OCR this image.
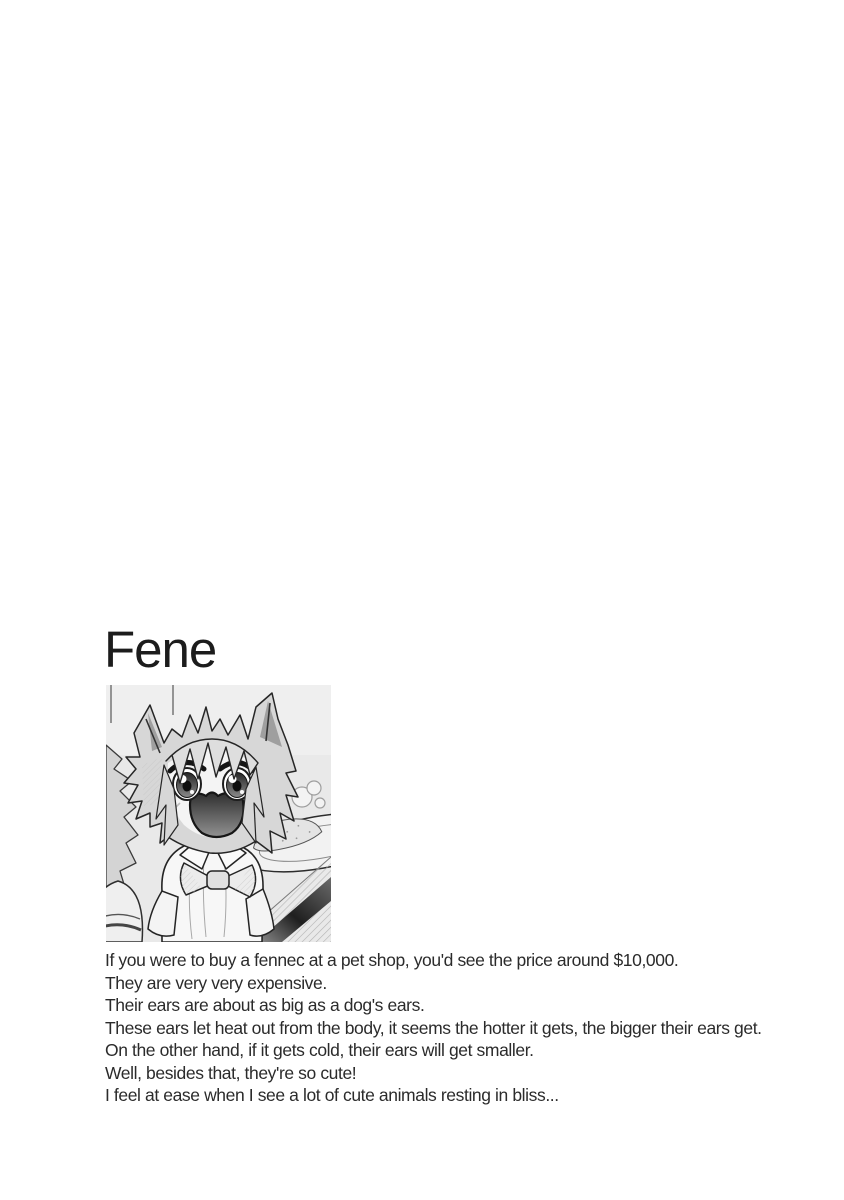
Fene
If you were to buy a fennec at a pet shop, you'd see the price around $10,000.
They are very very expensive.
Their ears are about as big as a dog's ears.
These ears let heat out from the body, it seems the hotter it gets, the bigger their ears get.
On the other hand, if it gets cold, their ears will get smaller.
Well, besides that, they're so cute!
I feel at ease when I see a lot of cute animals resting in bliss...
